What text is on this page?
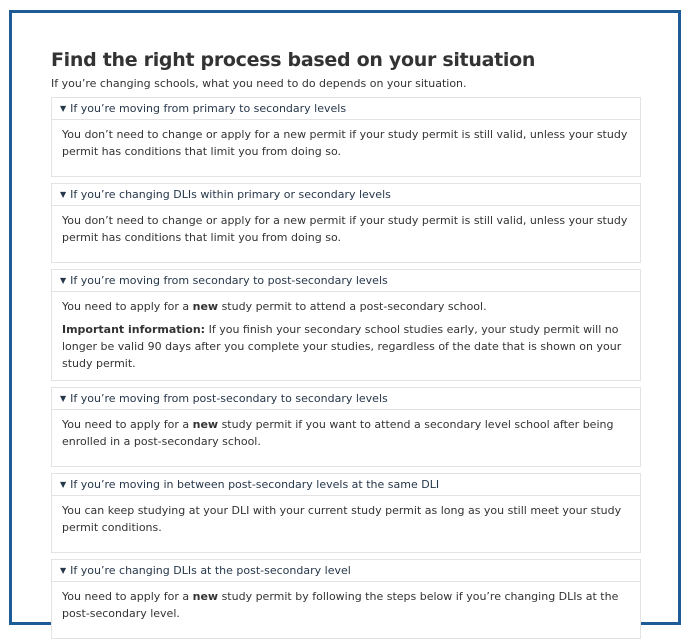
Find the right process based on your situation

If you’re changing schools, what you need to do depends on your situation.

▼ If you’re moving from primary to secondary levels

You don’t need to change or apply for a new permit if your study permit is still valid, unless your study permit has conditions that limit you from doing so.

▼ If you’re changing DLIs within primary or secondary levels

You don’t need to change or apply for a new permit if your study permit is still valid, unless your study permit has conditions that limit you from doing so.

▼ If you’re moving from secondary to post-secondary levels

You need to apply for a new study permit to attend a post-secondary school.

Important information: If you finish your secondary school studies early, your study permit will no longer be valid 90 days after you complete your studies, regardless of the date that is shown on your study permit.

▼ If you’re moving from post-secondary to secondary levels

You need to apply for a new study permit if you want to attend a secondary level school after being enrolled in a post-secondary school.

▼ If you’re moving in between post-secondary levels at the same DLI

You can keep studying at your DLI with your current study permit as long as you still meet your study permit conditions.

▼ If you’re changing DLIs at the post-secondary level

You need to apply for a new study permit by following the steps below if you’re changing DLIs at the post-secondary level.
